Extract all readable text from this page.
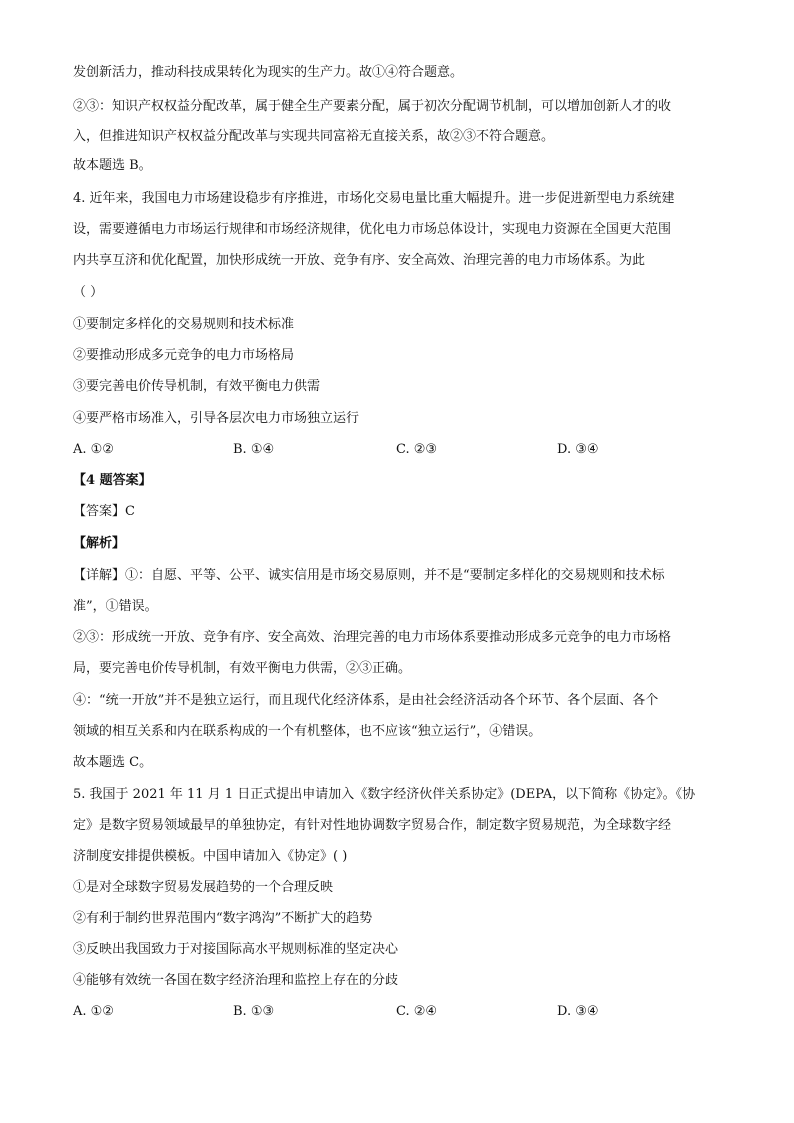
发创新活力，推动科技成果转化为现实的生产力。故①④符合题意。
②③：知识产权权益分配改革，属于健全生产要素分配，属于初次分配调节机制，可以增加创新人才的收
入，但推进知识产权权益分配改革与实现共同富裕无直接关系，故②③不符合题意。
故本题选 B。
4. 近年来，我国电力市场建设稳步有序推进，市场化交易电量比重大幅提升。进一步促进新型电力系统建
设，需要遵循电力市场运行规律和市场经济规律，优化电力市场总体设计，实现电力资源在全国更大范围
内共享互济和优化配置，加快形成统一开放、竞争有序、安全高效、治理完善的电力市场体系。为此
（ ）
①要制定多样化的交易规则和技术标准
②要推动形成多元竞争的电力市场格局
③要完善电价传导机制，有效平衡电力供需
④要严格市场准入，引导各层次电力市场独立运行
A. ①②	B. ①④	C. ②③	D. ③④
【4 题答案】
【答案】C
【解析】
【详解】①：自愿、平等、公平、诚实信用是市场交易原则，并不是“要制定多样化的交易规则和技术标
准”，①错误。
②③：形成统一开放、竞争有序、安全高效、治理完善的电力市场体系要推动形成多元竞争的电力市场格
局，要完善电价传导机制，有效平衡电力供需，②③正确。
④：“统一开放”并不是独立运行，而且现代化经济体系，是由社会经济活动各个环节、各个层面、各个
领域的相互关系和内在联系构成的一个有机整体，也不应该“独立运行”，④错误。
故本题选 C。
5. 我国于 2021 年 11 月 1 日正式提出申请加入《数字经济伙伴关系协定》(DEPA，以下简称《协定》。《协
定》是数字贸易领域最早的单独协定，有针对性地协调数字贸易合作，制定数字贸易规范，为全球数字经
济制度安排提供模板。中国申请加入《协定》( )
①是对全球数字贸易发展趋势的一个合理反映
②有利于制约世界范围内“数字鸿沟”不断扩大的趋势
③反映出我国致力于对接国际高水平规则标准的坚定决心
④能够有效统一各国在数字经济治理和监控上存在的分歧
A. ①②	B. ①③	C. ②④	D. ③④
